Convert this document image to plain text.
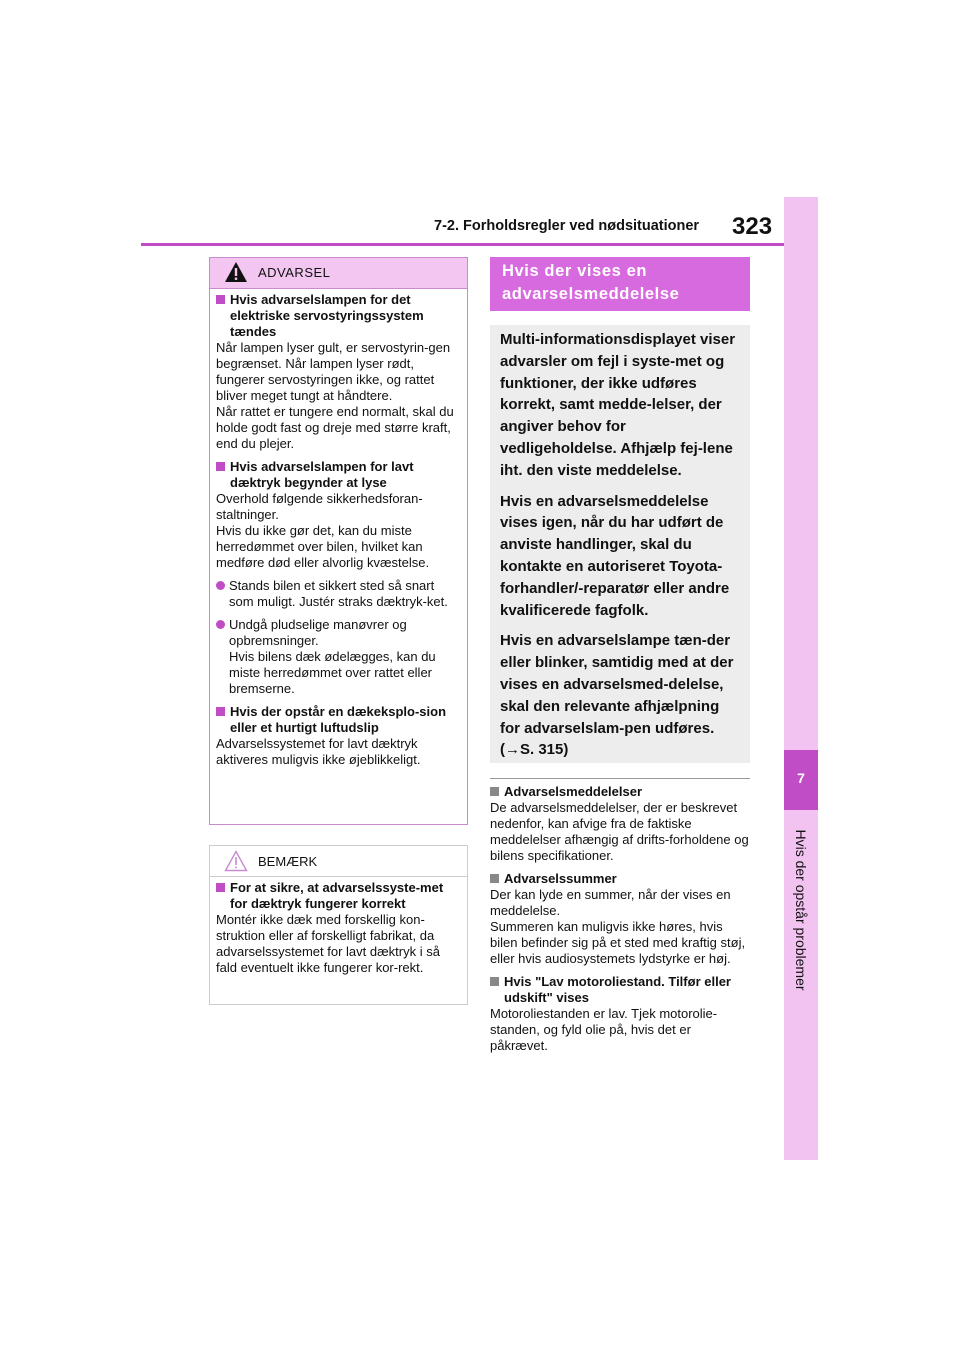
7-2. Forholdsregler ved nødsituationer 323
7
Hvis der opstår problemer
ADVARSEL
Hvis advarselslampen for det elektriske servostyringssystem tændes
Når lampen lyser gult, er servostyrin-gen begrænset. Når lampen lyser rødt, fungerer servostyringen ikke, og rattet bliver meget tungt at håndtere.
Når rattet er tungere end normalt, skal du holde godt fast og dreje med større kraft, end du plejer.
Hvis advarselslampen for lavt dæktryk begynder at lyse
Overhold følgende sikkerhedsforan-staltninger.
Hvis du ikke gør det, kan du miste herredømmet over bilen, hvilket kan medføre død eller alvorlig kvæstelse.
Stands bilen et sikkert sted så snart som muligt. Justér straks dæktryk-ket.
Undgå pludselige manøvrer og opbremsninger.
Hvis bilens dæk ødelægges, kan du miste herredømmet over rattet eller bremserne.
Hvis der opstår en dækeksplo-sion eller et hurtigt luftudslip
Advarselssystemet for lavt dæktryk aktiveres muligvis ikke øjeblikkeligt.
BEMÆRK
For at sikre, at advarselssyste-met for dæktryk fungerer korrekt
Montér ikke dæk med forskellig kon-struktion eller af forskelligt fabrikat, da advarselssystemet for lavt dæktryk i så fald eventuelt ikke fungerer kor-rekt.
Hvis der vises en
advarselsmeddelelse

Multi-informationsdisplayet viser advarsler om fejl i syste-met og funktioner, der ikke udføres korrekt, samt medde-lelser, der angiver behov for vedligeholdelse. Afhjælp fej-lene iht. den viste meddelelse.

Hvis en advarselsmeddelelse vises igen, når du har udført de anviste handlinger, skal du kontakte en autoriseret Toyota-forhandler/-reparatør eller andre kvalificerede fagfolk.

Hvis en advarselslampe tæn-der eller blinker, samtidig med at der vises en advarselsmed-delelse, skal den relevante afhjælpning for advarselslam-pen udføres. (→S. 315)

Advarselsmeddelelser
De advarselsmeddelelser, der er beskrevet nedenfor, kan afvige fra de faktiske meddelelser afhængig af drifts-forholdene og bilens specifikationer.
Advarselssummer
Der kan lyde en summer, når der vises en meddelelse.
Summeren kan muligvis ikke høres, hvis bilen befinder sig på et sted med kraftig støj, eller hvis audiosystemets lydstyrke er høj.
Hvis "Lav motoroliestand. Tilfør eller udskift" vises
Motoroliestanden er lav. Tjek motorolie-standen, og fyld olie på, hvis det er påkrævet.
